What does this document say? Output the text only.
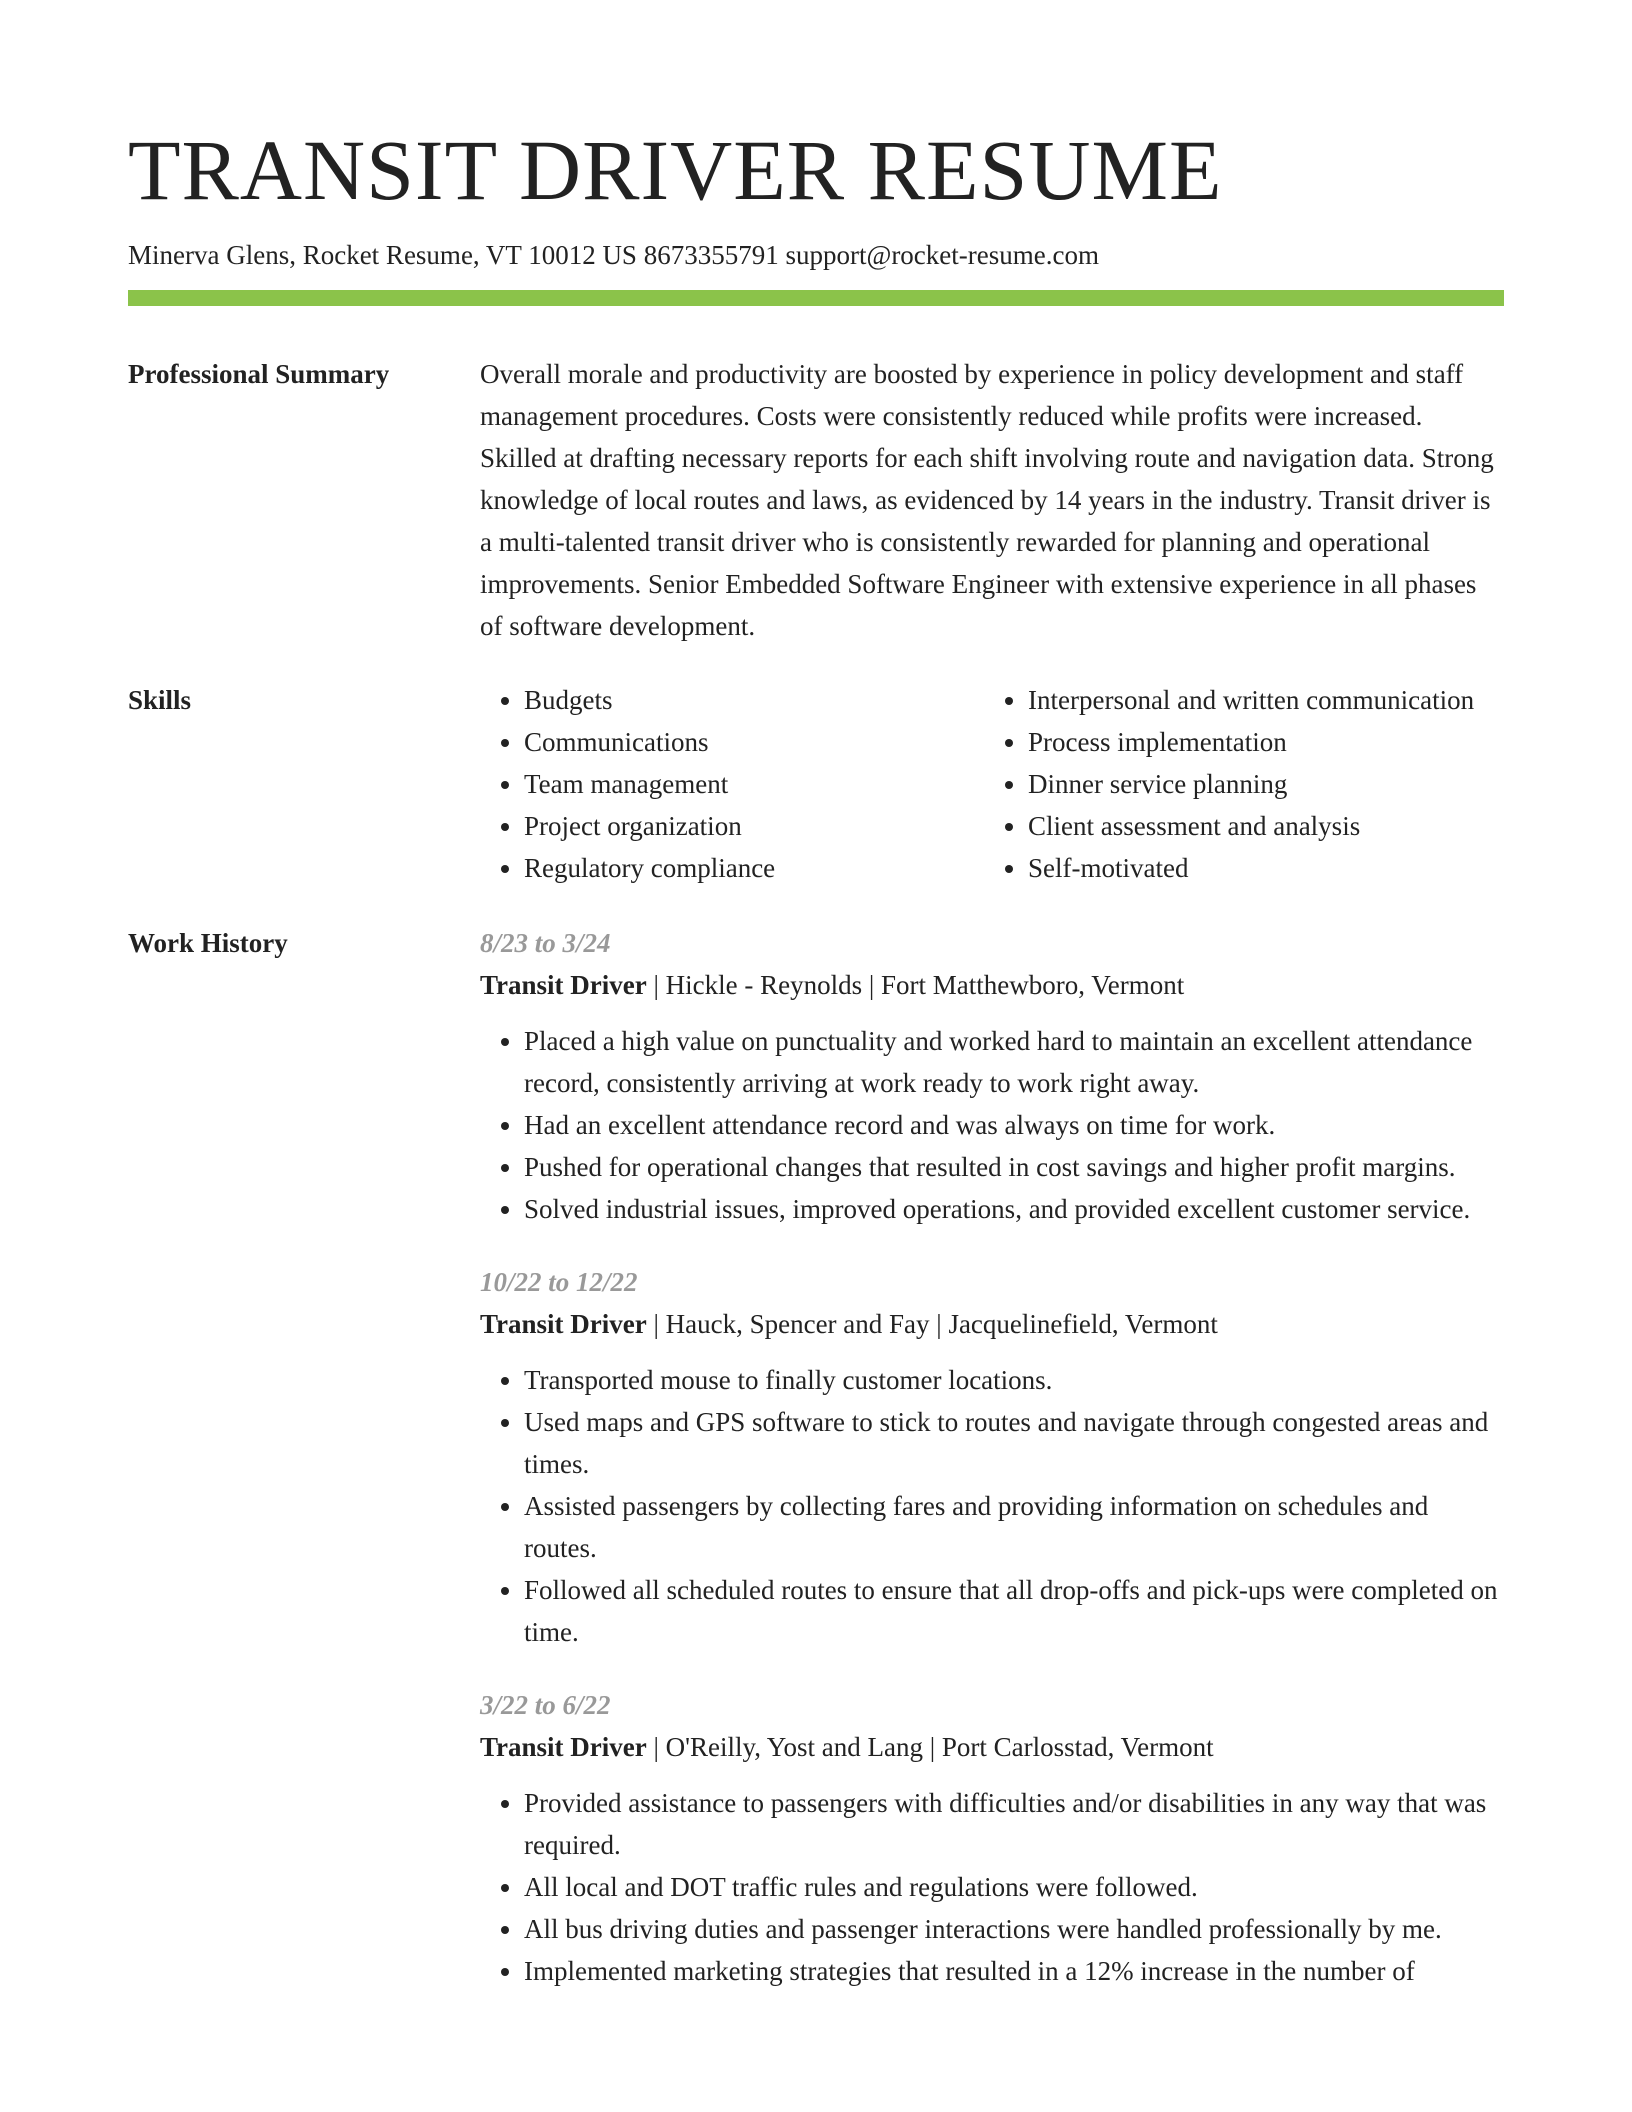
TRANSIT DRIVER RESUME
Minerva Glens, Rocket Resume, VT 10012 US 8673355791 support@rocket-resume.com
Professional Summary	Overall morale and productivity are boosted by experience in policy development and staff management procedures. Costs were consistently reduced while profits were increased. Skilled at drafting necessary reports for each shift involving route and navigation data. Strong knowledge of local routes and laws, as evidenced by 14 years in the industry. Transit driver is a multi-talented transit driver who is consistently rewarded for planning and operational improvements. Senior Embedded Software Engineer with extensive experience in all phases of software development.

Skills
•	Budgets
• Communications
• Team management
• Project organization
• Regulatory compliance
• Interpersonal and written communication
• Process implementation
• Dinner service planning
• Client assessment and analysis
• Self-motivated
Work History	8/23 to 3/24
Transit Driver | Hickle - Reynolds | Fort Matthewboro, Vermont
• Placed a high value on punctuality and worked hard to maintain an excellent attendance record, consistently arriving at work ready to work right away.
• Had an excellent attendance record and was always on time for work.
• Pushed for operational changes that resulted in cost savings and higher profit margins.
• Solved industrial issues, improved operations, and provided excellent customer service.
10/22 to 12/22
Transit Driver | Hauck, Spencer and Fay | Jacquelinefield, Vermont
• Transported mouse to finally customer locations.
• Used maps and GPS software to stick to routes and navigate through congested areas and times.
• Assisted passengers by collecting fares and providing information on schedules and routes.
• Followed all scheduled routes to ensure that all drop-offs and pick-ups were completed on time.
3/22 to 6/22
Transit Driver | O'Reilly, Yost and Lang | Port Carlosstad, Vermont
• Provided assistance to passengers with difficulties and/or disabilities in any way that was required.
• All local and DOT traffic rules and regulations were followed.
• All bus driving duties and passenger interactions were handled professionally by me.
• Implemented marketing strategies that resulted in a 12% increase in the number of
